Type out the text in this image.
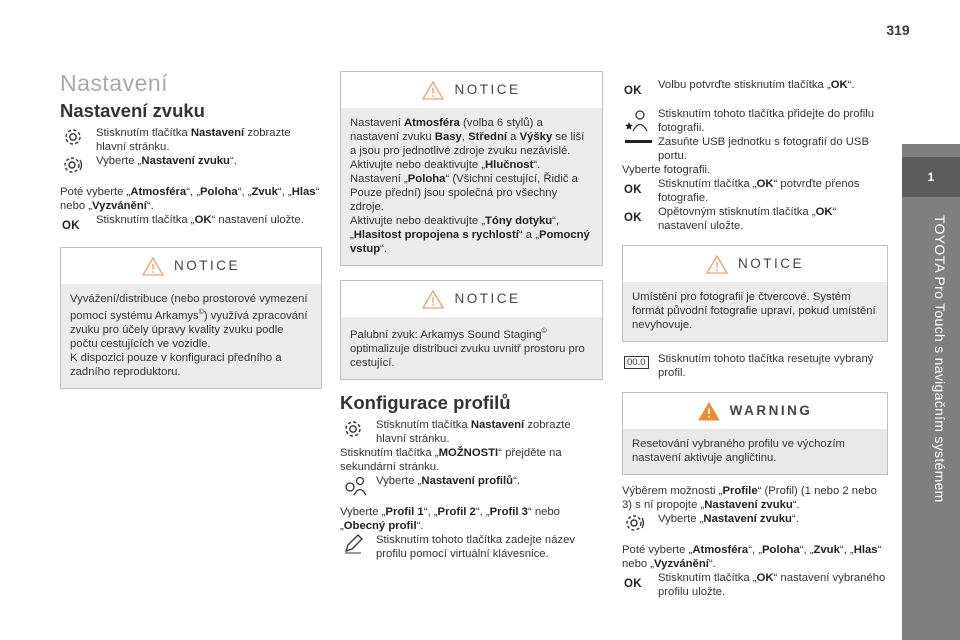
319
1
TOYOTA Pro Touch s navigačním systémem
Nastavení
Nastavení zvuku

Stisknutím tlačítka Nastavení zobrazte hlavní stránku.

Vyberte „Nastavení zvuku“.

Poté vyberte „Atmosféra“, „Poloha“, „Zvuk“, „Hlas“ nebo „Vyzvánění“.

OK	Stisknutím tlačítka „OK“ nastavení uložte.

NOTICE

Vyvážení/distribuce (nebo prostorové vymezení pomocí systému Arkamys©) využívá zpracování zvuku pro účely úpravy kvality zvuku podle počtu cestujících ve vozidle.

K dispozici pouze v konfiguraci předního a zadního reproduktoru.

NOTICE

Nastavení Atmosféra (volba 6 stylů) a nastavení zvuku Basy, Střední a Výšky se liší a jsou pro jednotlivé zdroje zvuku nezávislé.

Aktivujte nebo deaktivujte „Hlučnost“.

Nastavení „Poloha“ (Všichni cestující, Řidič a Pouze přední) jsou společná pro všechny zdroje.

Aktivujte nebo deaktivujte „Tóny dotyku“, „Hlasitost propojena s rychlostí“ a „Pomocný vstup“.

NOTICE

Palubní zvuk: Arkamys Sound Staging© optimalizuje distribuci zvuku uvnitř prostoru pro cestující.

Konfigurace profilů

Stisknutím tlačítka Nastavení zobrazte hlavní stránku.

Stisknutím tlačítka „MOŽNOSTI“ přejděte na sekundární stránku.

Vyberte „Nastavení profilů“.

Vyberte „Profil 1“, „Profil 2“, „Profil 3“ nebo „Obecný profil“.

Stisknutím tohoto tlačítka zadejte název profilu pomocí virtuální klávesnice.

OK	Volbu potvrďte stisknutím tlačítka „OK“.

Stisknutím tohoto tlačítka přidejte do profilu fotografii.

Zasuňte USB jednotku s fotografií do USB portu.

Vyberte fotografii.

OK	Stisknutím tlačítka „OK“ potvrďte přenos fotografie.

OK	Opětovným stisknutím tlačítka „OK“ nastavení uložte.

NOTICE

Umístění pro fotografii je čtvercové. Systém formát původní fotografie upraví, pokud umístění nevyhovuje.

00.0 Stisknutím tohoto tlačítka resetujte vybraný profil.

WARNING

Resetování vybraného profilu ve výchozím nastavení aktivuje angličtinu.

Výběrem možnosti „Profile“ (Profil) (1 nebo 2 nebo 3) s ní propojte „Nastavení zvuku“.

Vyberte „Nastavení zvuku“.

Poté vyberte „Atmosféra“, „Poloha“, „Zvuk“, „Hlas“ nebo „Vyzvánění“.

OK	Stisknutím tlačítka „OK“ nastavení vybraného profilu uložte.
